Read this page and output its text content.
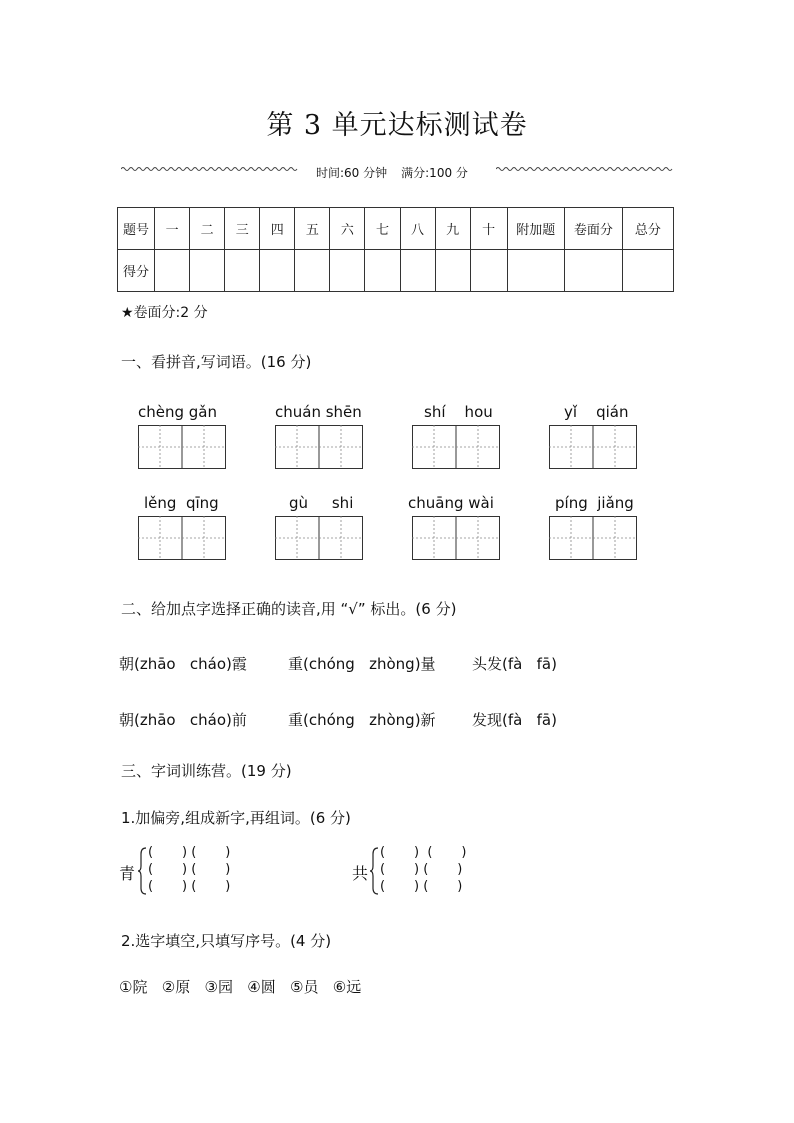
第 3 单元达标测试卷
时间:60 分钟 满分:100 分
题号	一	二	三	四	五	六	七	八	九	十	附加题	卷面分	总分
得分													
★卷面分:2 分
一、看拼音,写词语。(16 分)
chèng gǎn	chuán shēn	shí    hou	yǐ    qián
lěng  qīng	gù     shi	chuāng wài	píng  jiǎng
二、给加点字选择正确的读音,用 “√” 标出。(6 分)
朝(zhāo   cháo)霞	重(chóng   zhòng)量 头发(fà   fā)
朝(zhāo   cháo)前	重(chóng   zhòng)新 发现(fà   fā)
三、字词训练营。(19 分)
1.加偏旁,组成新字,再组词。(6 分)
青
(       ) (       )
(       ) (       )
(       ) (       )
共
(       )  (       )
(       ) (       )
(       ) (       )
2.选字填空,只填写序号。(4 分)
①院   ②原   ③园   ④圆   ⑤员   ⑥远
